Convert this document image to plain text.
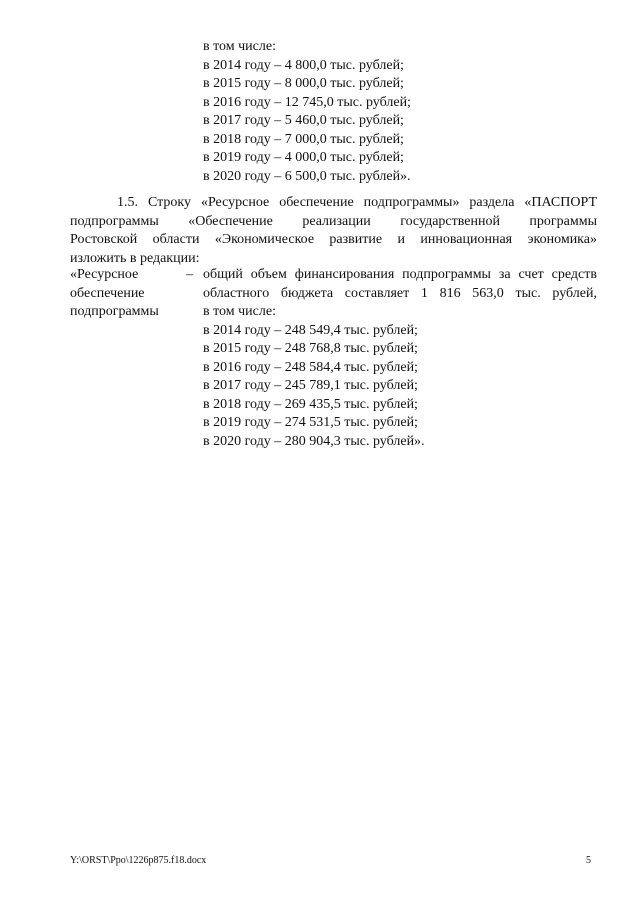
в том числе:
в 2014 году – 4 800,0 тыс. рублей;
в 2015 году – 8 000,0 тыс. рублей;
в 2016 году – 12 745,0 тыс. рублей;
в 2017 году – 5 460,0 тыс. рублей;
в 2018 году – 7 000,0 тыс. рублей;
в 2019 году – 4 000,0 тыс. рублей;
в 2020 году – 6 500,0 тыс. рублей».
1.5. Строку «Ресурсное обеспечение подпрограммы» раздела «ПАСПОРТ
подпрограммы «Обеспечение реализации государственной программы
Ростовской области «Экономическое развитие и инновационная экономика»
изложить в редакции:
«Ресурсное
обеспечение
подпрограммы
– общий объем финансирования подпрограммы за счет средств
областного бюджета составляет 1 816 563,0 тыс. рублей,
в том числе:
в 2014 году – 248 549,4 тыс. рублей;
в 2015 году – 248 768,8 тыс. рублей;
в 2016 году – 248 584,4 тыс. рублей;
в 2017 году – 245 789,1 тыс. рублей;
в 2018 году – 269 435,5 тыс. рублей;
в 2019 году – 274 531,5 тыс. рублей;
в 2020 году – 280 904,3 тыс. рублей».
Y:\ORST\Ppo\1226p875.f18.docx	5
